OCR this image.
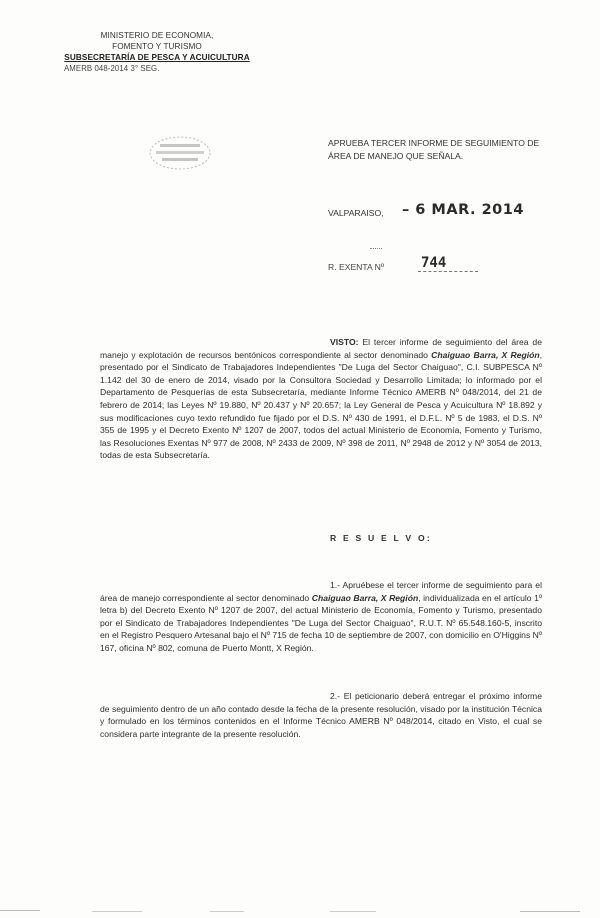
MINISTERIO DE ECONOMIA,
FOMENTO Y TURISMO
SUBSECRETARÍA DE PESCA Y ACUICULTURA
AMERB 048-2014 3° SEG.
APRUEBA TERCER INFORME DE SEGUIMIENTO DE ÁREA DE MANEJO QUE SEÑALA.
VALPARAISO, – 6 MAR. 2014
R. EXENTA Nº	744
VISTO: El tercer informe de seguimiento del área de manejo y explotación de recursos bentónicos correspondiente al sector denominado Chaiguao Barra, X Región, presentado por el Sindicato de Trabajadores Independientes "De Luga del Sector Chaiguao", C.I. SUBPESCA Nº 1.142 del 30 de enero de 2014, visado por la Consultora Sociedad y Desarrollo Limitada; lo informado por el Departamento de Pesquerías de esta Subsecretaría, mediante Informe Técnico AMERB Nº 048/2014, del 21 de febrero de 2014; las Leyes Nº 19.880, Nº 20.437 y Nº 20.657; la Ley General de Pesca y Acuicultura Nº 18.892 y sus modificaciones cuyo texto refundido fue fijado por el D.S. Nº 430 de 1991, el D.F.L. Nº 5 de 1983, el D.S. Nº 355 de 1995 y el Decreto Exento Nº 1207 de 2007, todos del actual Ministerio de Economía, Fomento y Turismo, las Resoluciones Exentas Nº 977 de 2008, Nº 2433 de 2009, Nº 398 de 2011, Nº 2948 de 2012 y Nº 3054 de 2013, todas de esta Subsecretaría.
R E S U E L V O:
1.- Apruébese el tercer informe de seguimiento para el área de manejo correspondiente al sector denominado Chaiguao Barra, X Región, individualizada en el artículo 1º letra b) del Decreto Exento Nº 1207 de 2007, del actual Ministerio de Economía, Fomento y Turismo, presentado por el Sindicato de Trabajadores Independientes "De Luga del Sector Chaiguao", R.U.T. Nº 65.548.160-5, inscrito en el Registro Pesquero Artesanal bajo el Nº 715 de fecha 10 de septiembre de 2007, con domicilio en O'Higgins Nº 167, oficina Nº 802, comuna de Puerto Montt, X Región.
2.- El peticionario deberá entregar el próximo informe de seguimiento dentro de un año contado desde la fecha de la presente resolución, visado por la institución Técnica y formulado en los términos contenidos en el Informe Técnico AMERB Nº 048/2014, citado en Visto, el cual se considera parte integrante de la presente resolución.
